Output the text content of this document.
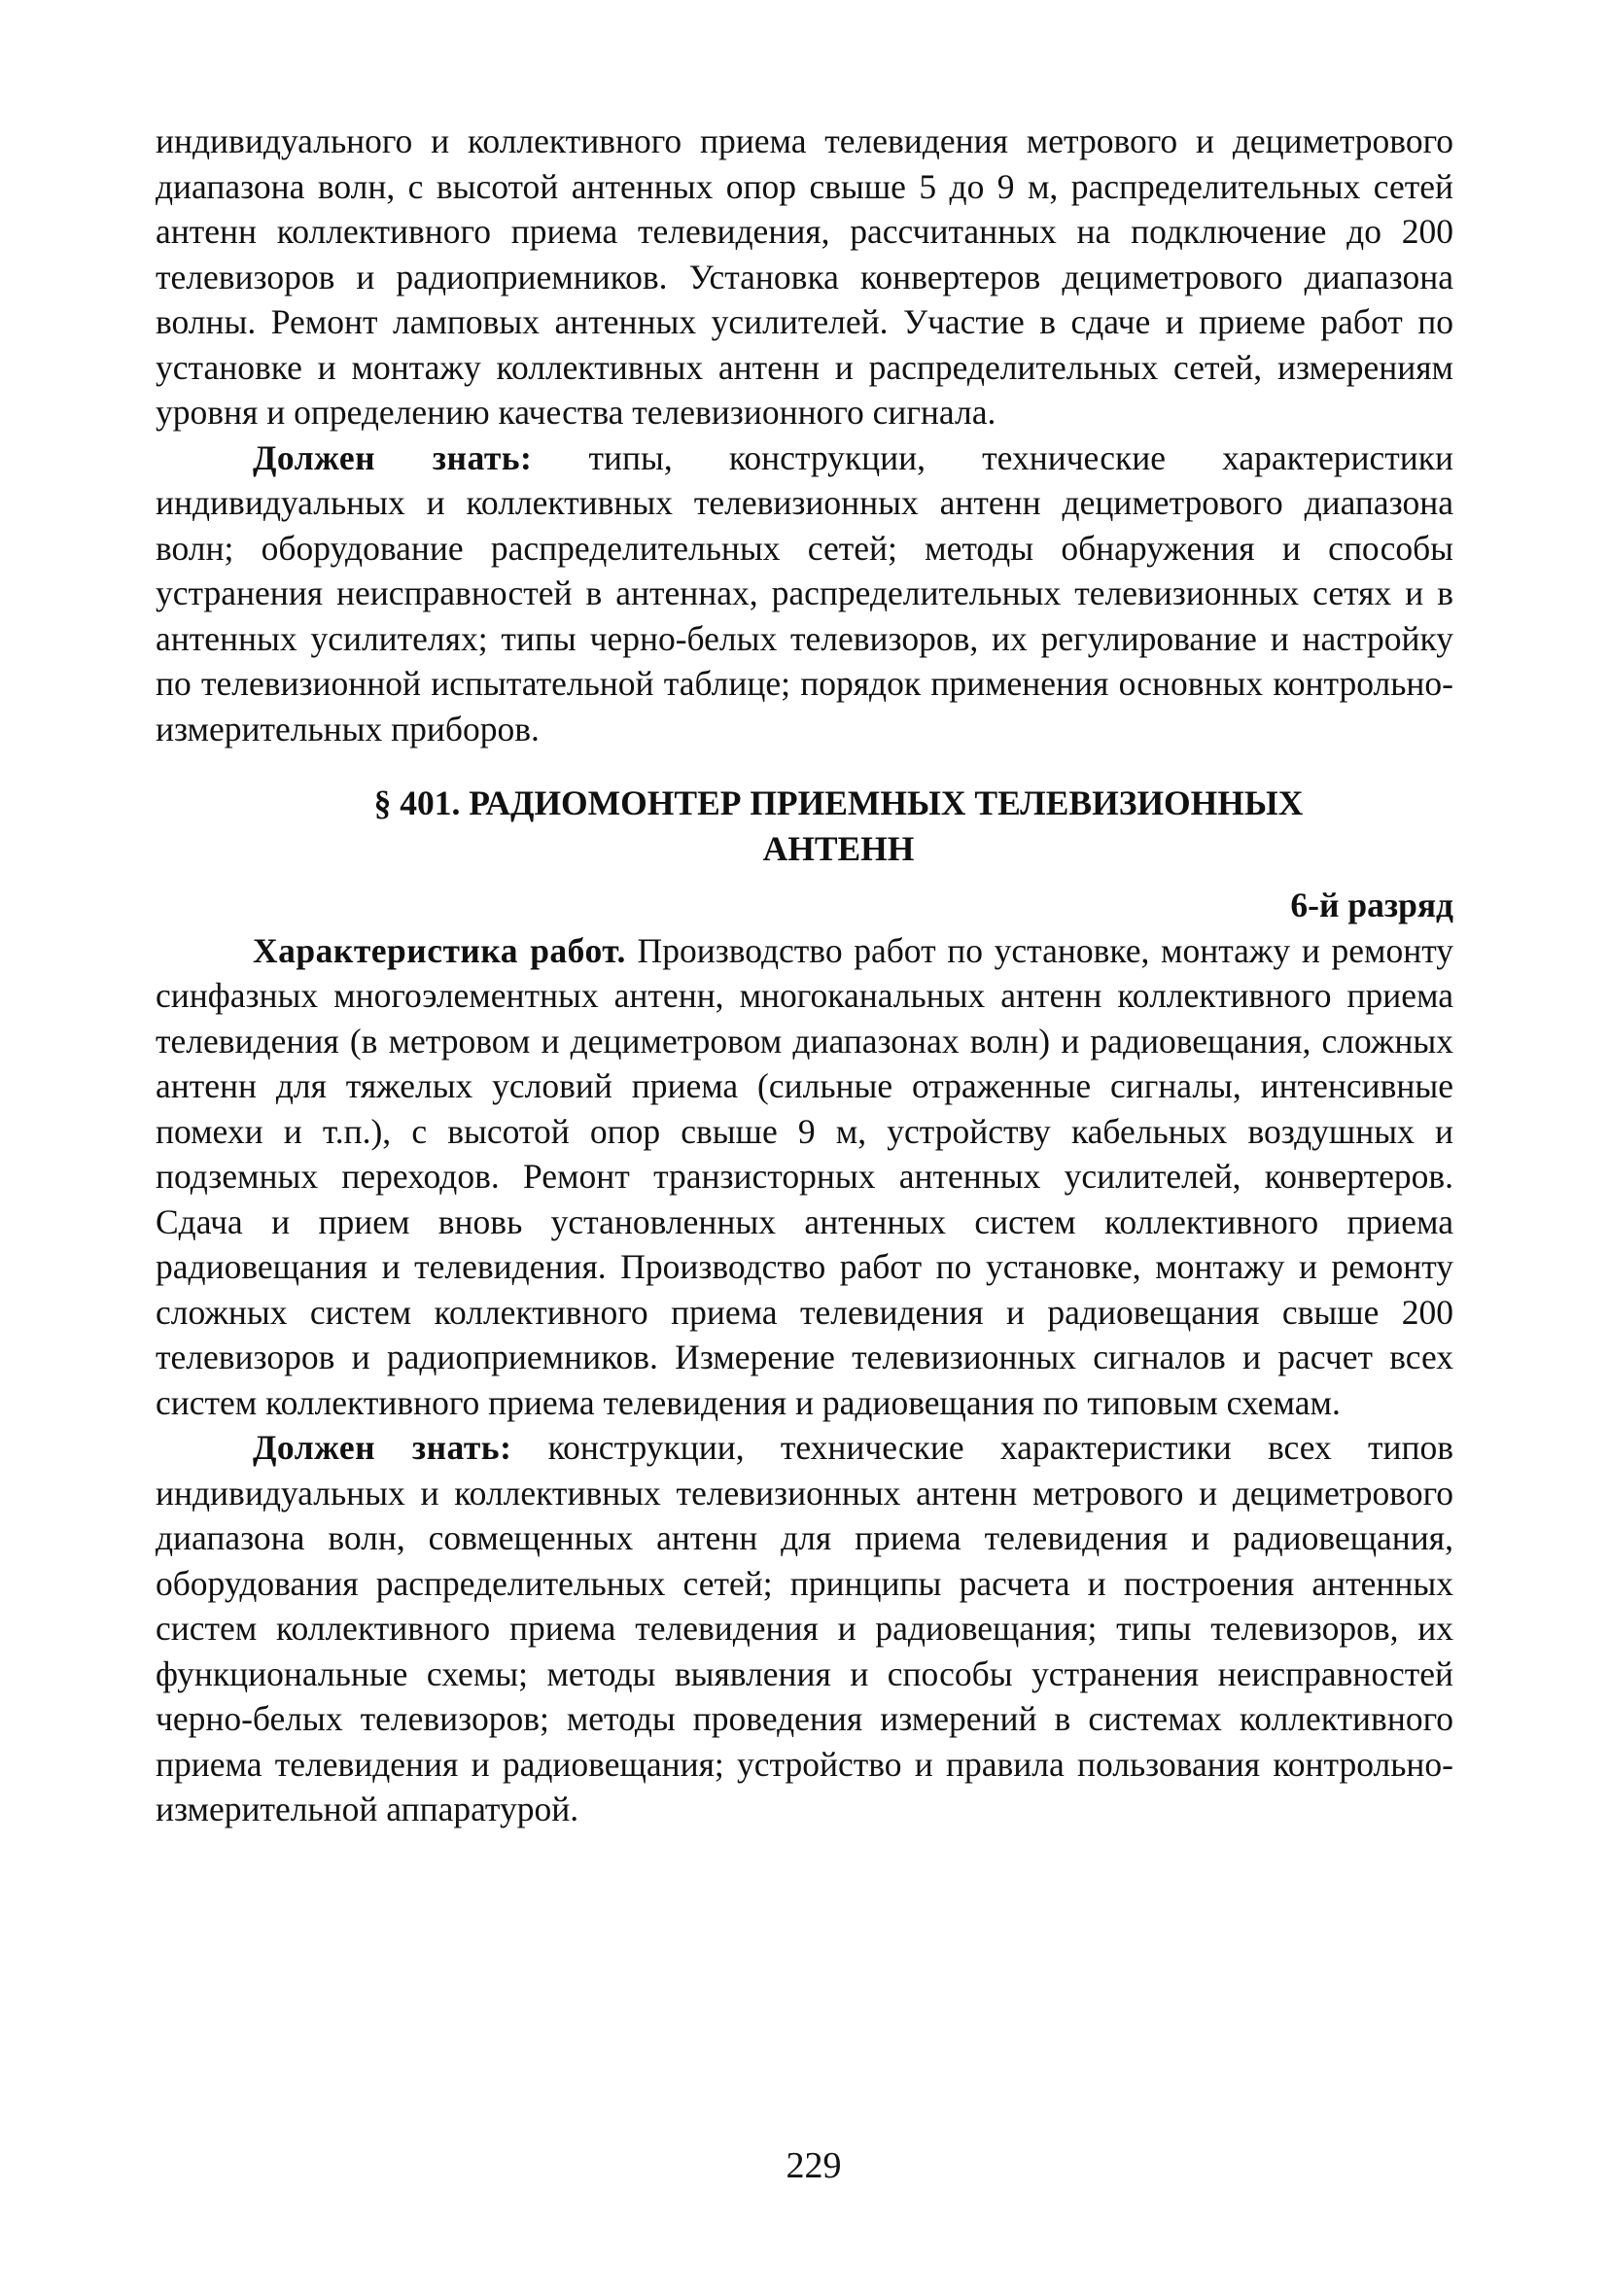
индивидуального и коллективного приема телевидения метрового и дециметрового диапазона волн, с высотой антенных опор свыше 5 до 9 м, распределительных сетей антенн коллективного приема телевидения, рассчитанных на подключение до 200 телевизоров и радиоприемников. Установка конвертеров дециметрового диапазона волны. Ремонт ламповых антенных усилителей. Участие в сдаче и приеме работ по установке и монтажу коллективных антенн и распределительных сетей, измерениям уровня и определению качества телевизионного сигнала.

Должен знать: типы, конструкции, технические характеристики индивидуальных и коллективных телевизионных антенн дециметрового диапазона волн; оборудование распределительных сетей; методы обнаружения и способы устранения неисправностей в антеннах, распределительных телевизионных сетях и в антенных усилителях; типы черно-белых телевизоров, их регулирование и настройку по телевизионной испытательной таблице; порядок применения основных контрольно-измерительных приборов.

§ 401. РАДИОМОНТЕР ПРИЕМНЫХ ТЕЛЕВИЗИОННЫХ
АНТЕНН
6-й разряд

Характеристика работ. Производство работ по установке, монтажу и ремонту синфазных многоэлементных антенн, многоканальных антенн коллективного приема телевидения (в метровом и дециметровом диапазонах волн) и радиовещания, сложных антенн для тяжелых условий приема (сильные отраженные сигналы, интенсивные помехи и т.п.), с высотой опор свыше 9 м, устройству кабельных воздушных и подземных переходов. Ремонт транзисторных антенных усилителей, конвертеров. Сдача и прием вновь установленных антенных систем коллективного приема радиовещания и телевидения. Производство работ по установке, монтажу и ремонту сложных систем коллективного приема телевидения и радиовещания свыше 200 телевизоров и радиоприемников. Измерение телевизионных сигналов и расчет всех систем коллективного приема телевидения и радиовещания по типовым схемам.

Должен знать: конструкции, технические характеристики всех типов индивидуальных и коллективных телевизионных антенн метрового и дециметрового диапазона волн, совмещенных антенн для приема телевидения и радиовещания, оборудования распределительных сетей; принципы расчета и построения антенных систем коллективного приема телевидения и радиовещания; типы телевизоров, их функциональные схемы; методы выявления и способы устранения неисправностей черно-белых телевизоров; методы проведения измерений в системах коллективного приема телевидения и радиовещания; устройство и правила пользования контрольно-измерительной аппаратурой.

229
